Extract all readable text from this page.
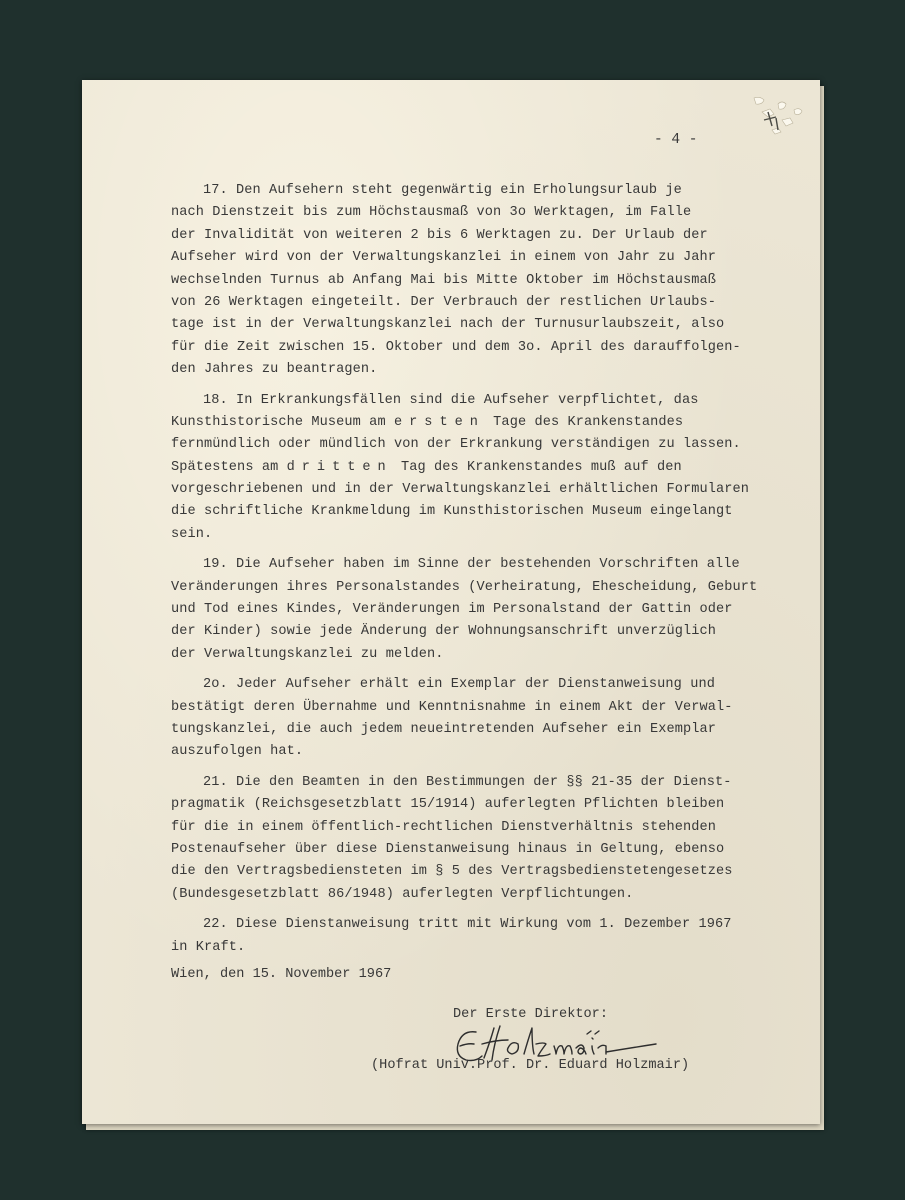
- 4 -
17. Den Aufsehern steht gegenwärtig ein Erholungsurlaub je
nach Dienstzeit bis zum Höchstausmaß von 3o Werktagen, im Falle
der Invalidität von weiteren 2 bis 6 Werktagen zu. Der Urlaub der
Aufseher wird von der Verwaltungskanzlei in einem von Jahr zu Jahr
wechselnden Turnus ab Anfang Mai bis Mitte Oktober im Höchstausmaß
von 26 Werktagen eingeteilt. Der Verbrauch der restlichen Urlaubs-
tage ist in der Verwaltungskanzlei nach der Turnusurlaubszeit, also
für die Zeit zwischen 15. Oktober und dem 3o. April des darauffolgen-
den Jahres zu beantragen.
18. In Erkrankungsfällen sind die Aufseher verpflichtet, das
Kunsthistorische Museum am ersten Tage des Krankenstandes
fernmündlich oder mündlich von der Erkrankung verständigen zu lassen.
Spätestens am dritten Tag des Krankenstandes muß auf den
vorgeschriebenen und in der Verwaltungskanzlei erhältlichen Formularen
die schriftliche Krankmeldung im Kunsthistorischen Museum eingelangt
sein.
19. Die Aufseher haben im Sinne der bestehenden Vorschriften alle
Veränderungen ihres Personalstandes (Verheiratung, Ehescheidung, Geburt
und Tod eines Kindes, Veränderungen im Personalstand der Gattin oder
der Kinder) sowie jede Änderung der Wohnungsanschrift unverzüglich
der Verwaltungskanzlei zu melden.
2o. Jeder Aufseher erhält ein Exemplar der Dienstanweisung und
bestätigt deren Übernahme und Kenntnisnahme in einem Akt der Verwal-
tungskanzlei, die auch jedem neueintretenden Aufseher ein Exemplar
auszufolgen hat.
21. Die den Beamten in den Bestimmungen der §§ 21-35 der Dienst-
pragmatik (Reichsgesetzblatt 15/1914) auferlegten Pflichten bleiben
für die in einem öffentlich-rechtlichen Dienstverhältnis stehenden
Postenaufseher über diese Dienstanweisung hinaus in Geltung, ebenso
die den Vertragsbediensteten im § 5 des Vertragsbedienstetengesetzes
(Bundesgesetzblatt 86/1948) auferlegten Verpflichtungen.
22. Diese Dienstanweisung tritt mit Wirkung vom 1. Dezember 1967
in Kraft.
Wien, den 15. November 1967
Der Erste Direktor:
(Hofrat Univ.Prof. Dr. Eduard Holzmair)
